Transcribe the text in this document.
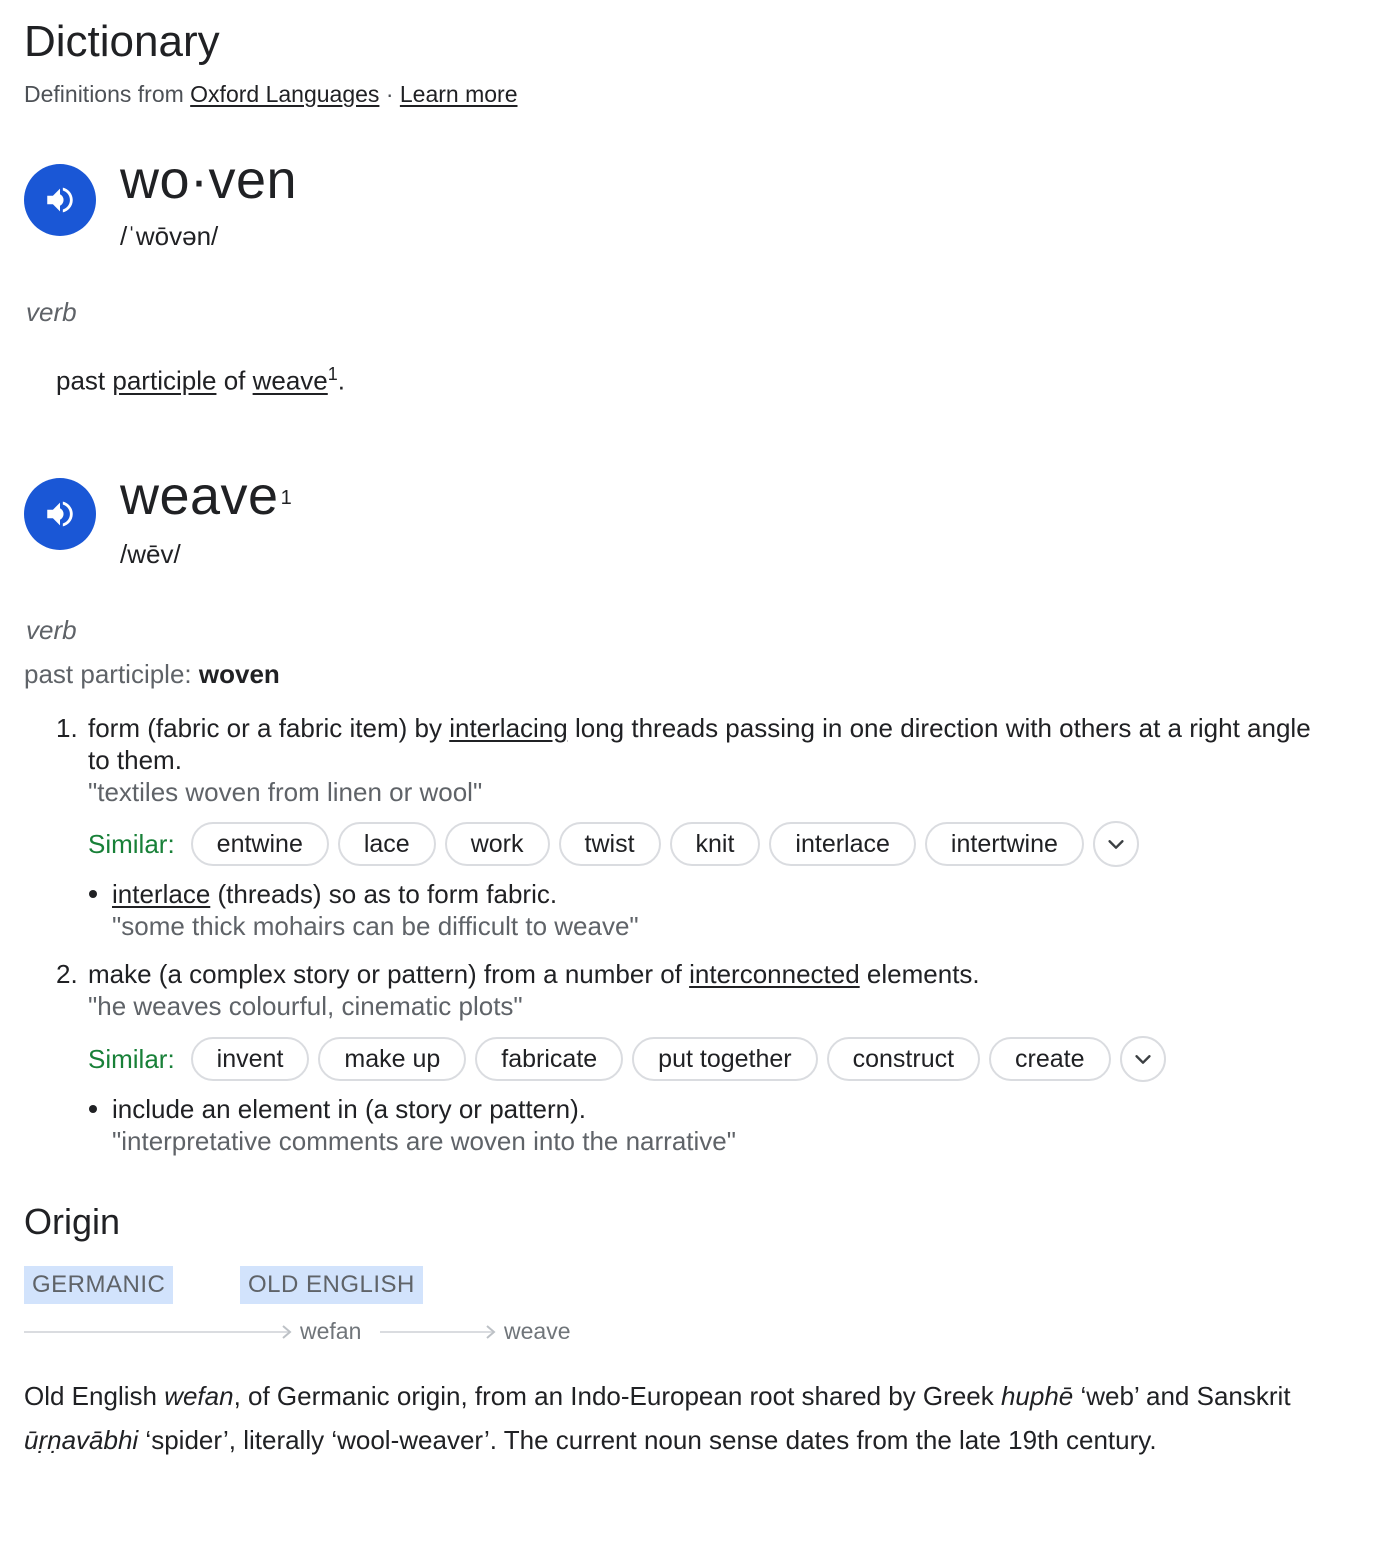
Dictionary
Definitions from Oxford Languages · Learn more
wo·ven
/ˈwōvən/
verb
past participle of weave$^1$.
weave $^1$
/wēv/
verb
past participle: woven
1. form (fabric or a fabric item) by interlacing long threads passing in one direction with others at a right angle to them.
"textiles woven from linen or wool"
Similar:	entwine	lace	work	twist	knit	interlace	intertwine
interlace (threads) so as to form fabric.
"some thick mohairs can be difficult to weave"
2. make (a complex story or pattern) from a number of interconnected elements.
"he weaves colourful, cinematic plots"
Similar:	invent	make up	fabricate	put together	construct	create
include an element in (a story or pattern).
"interpretative comments are woven into the narrative"
Origin
GERMANIC	OLD ENGLISH
wefan	weave
Old English wefan, of Germanic origin, from an Indo-European root shared by Greek huphē ‘web’ and Sanskrit ūṛṇavābhi ‘spider’, literally ‘wool-weaver’. The current noun sense dates from the late 19th century.
